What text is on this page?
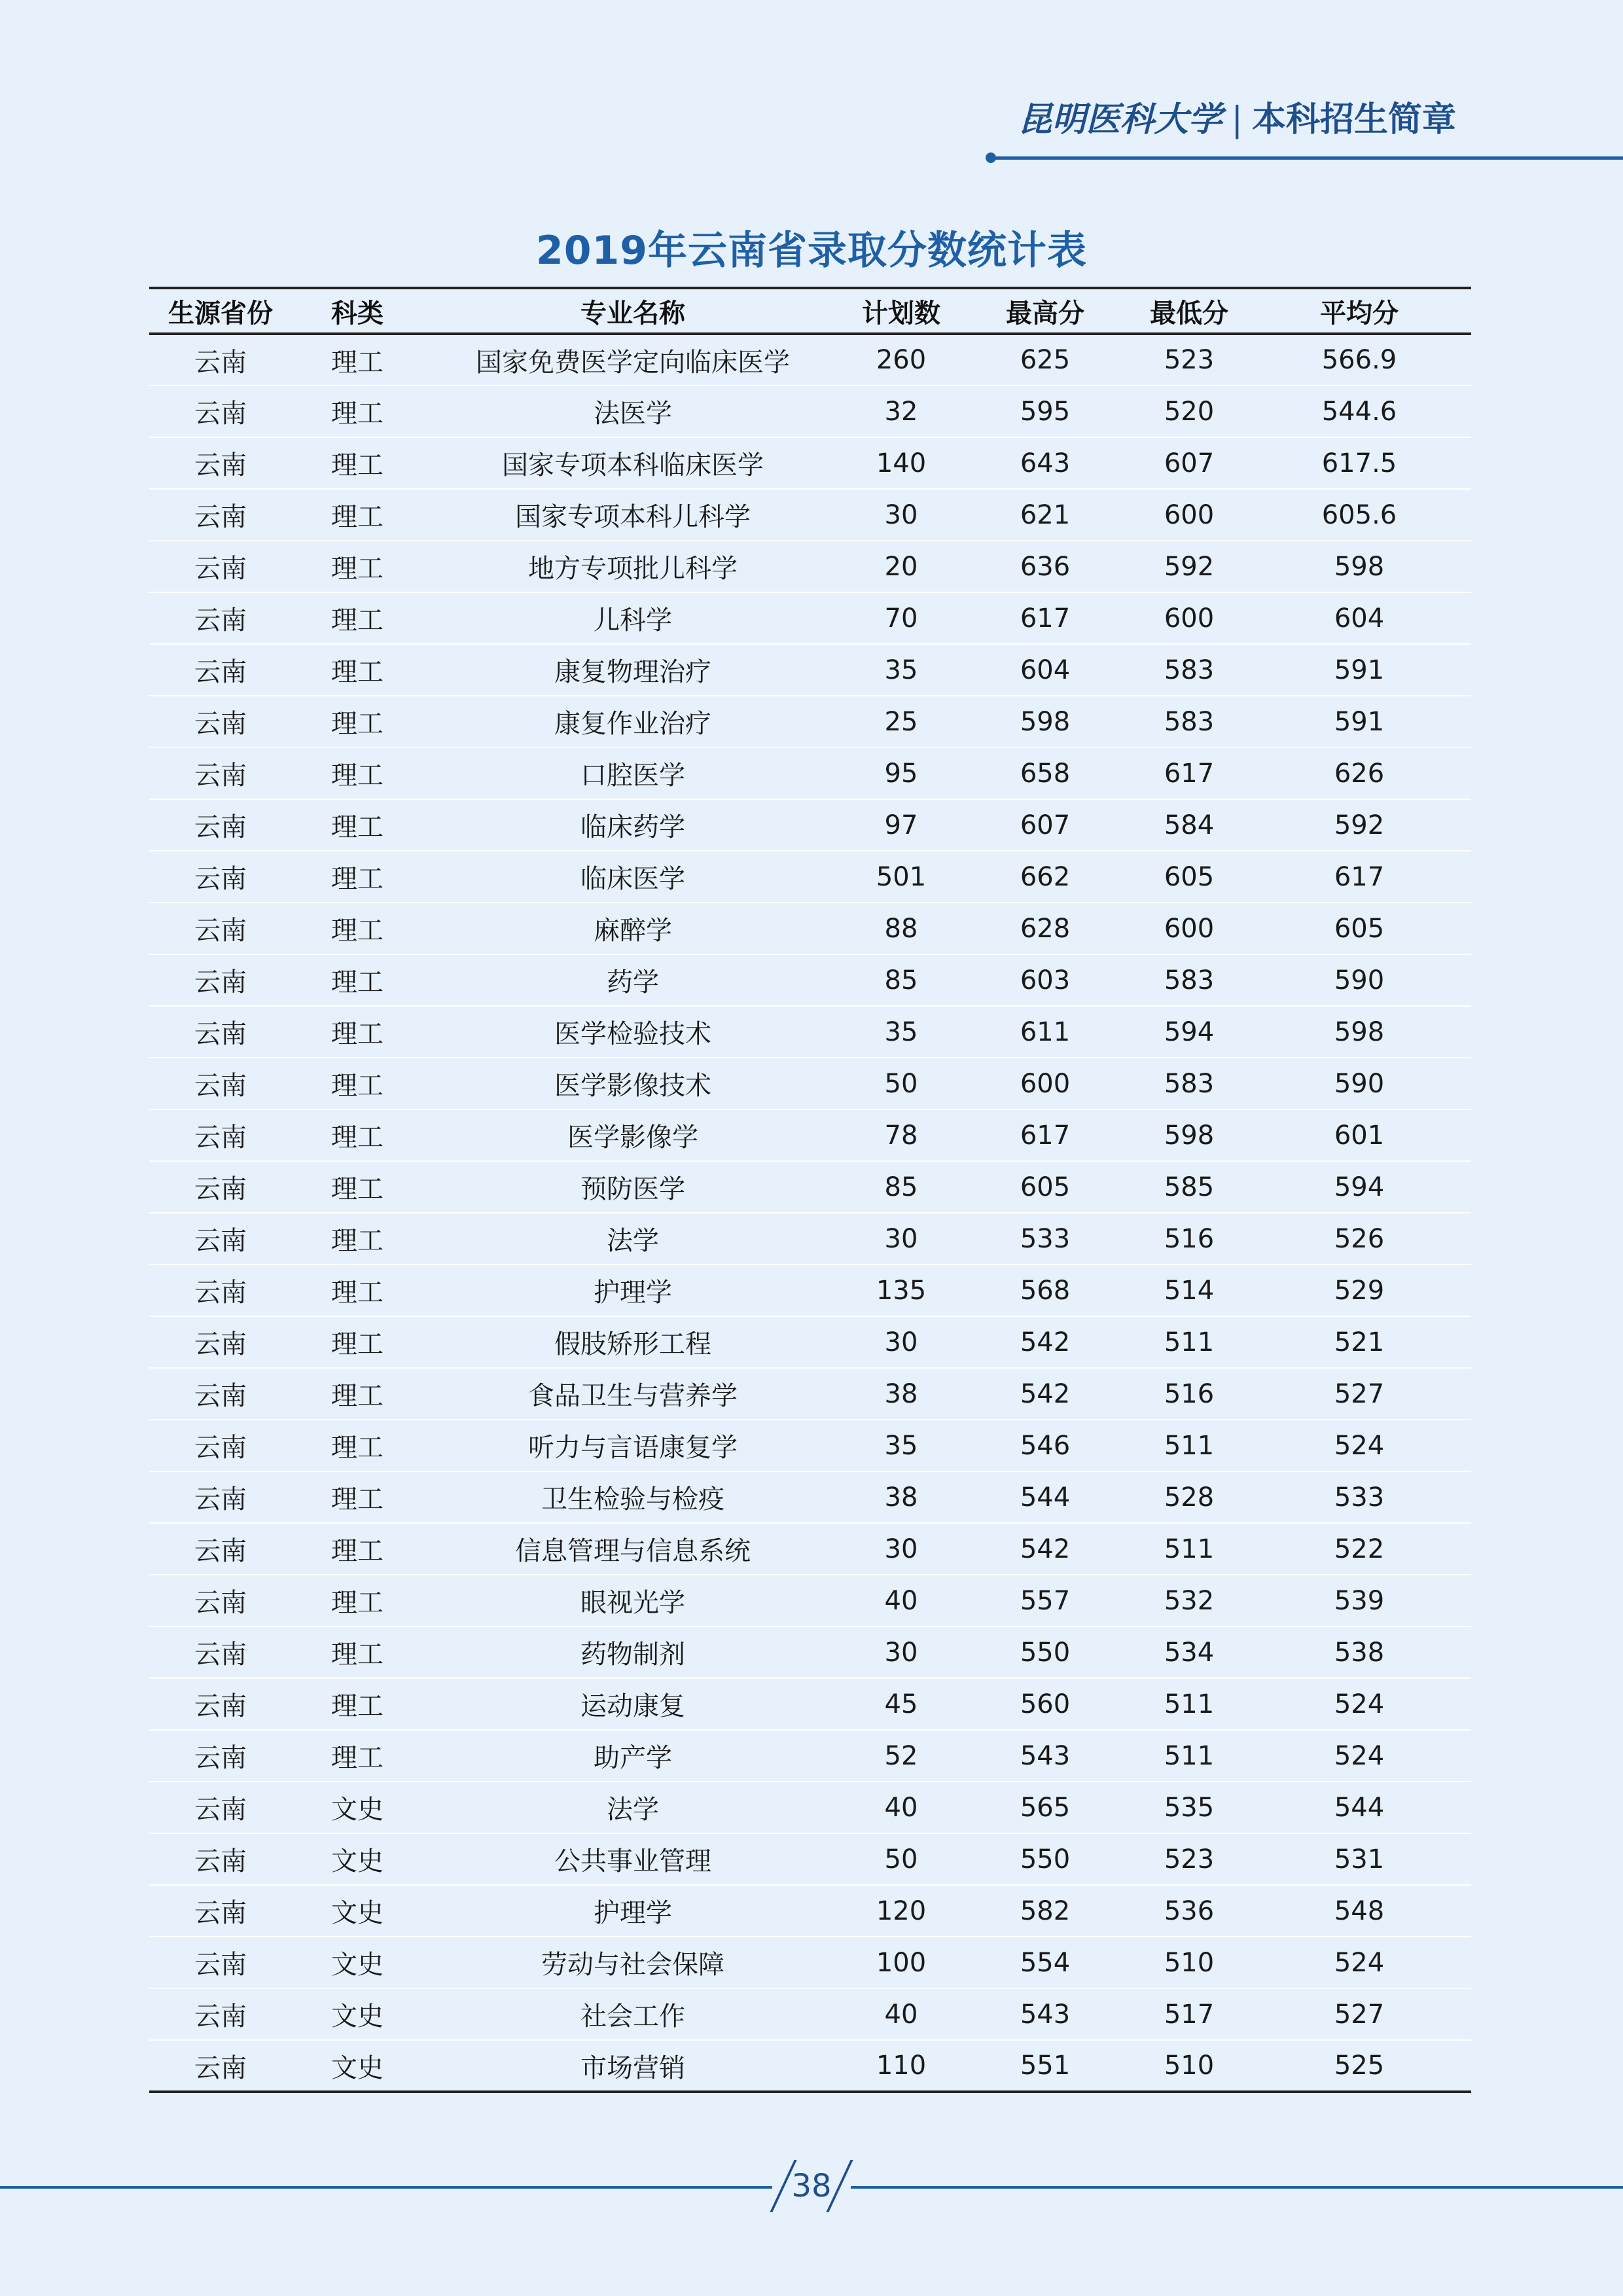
昆明医科大学 | 本科招生简章
2019年云南省录取分数统计表
生源省份	科类	专业名称	计划数	最高分	最低分	平均分
云南	理工	国家免费医学定向临床医学	260	625	523	566.9
云南	理工	法医学	32	595	520	544.6
云南	理工	国家专项本科临床医学	140	643	607	617.5
云南	理工	国家专项本科儿科学	30	621	600	605.6
云南	理工	地方专项批儿科学	20	636	592	598
云南	理工	儿科学	70	617	600	604
云南	理工	康复物理治疗	35	604	583	591
云南	理工	康复作业治疗	25	598	583	591
云南	理工	口腔医学	95	658	617	626
云南	理工	临床药学	97	607	584	592
云南	理工	临床医学	501	662	605	617
云南	理工	麻醉学	88	628	600	605
云南	理工	药学	85	603	583	590
云南	理工	医学检验技术	35	611	594	598
云南	理工	医学影像技术	50	600	583	590
云南	理工	医学影像学	78	617	598	601
云南	理工	预防医学	85	605	585	594
云南	理工	法学	30	533	516	526
云南	理工	护理学	135	568	514	529
云南	理工	假肢矫形工程	30	542	511	521
云南	理工	食品卫生与营养学	38	542	516	527
云南	理工	听力与言语康复学	35	546	511	524
云南	理工	卫生检验与检疫	38	544	528	533
云南	理工	信息管理与信息系统	30	542	511	522
云南	理工	眼视光学	40	557	532	539
云南	理工	药物制剂	30	550	534	538
云南	理工	运动康复	45	560	511	524
云南	理工	助产学	52	543	511	524
云南	文史	法学	40	565	535	544
云南	文史	公共事业管理	50	550	523	531
云南	文史	护理学	120	582	536	548
云南	文史	劳动与社会保障	100	554	510	524
云南	文史	社会工作	40	543	517	527
云南	文史	市场营销	110	551	510	525
38
